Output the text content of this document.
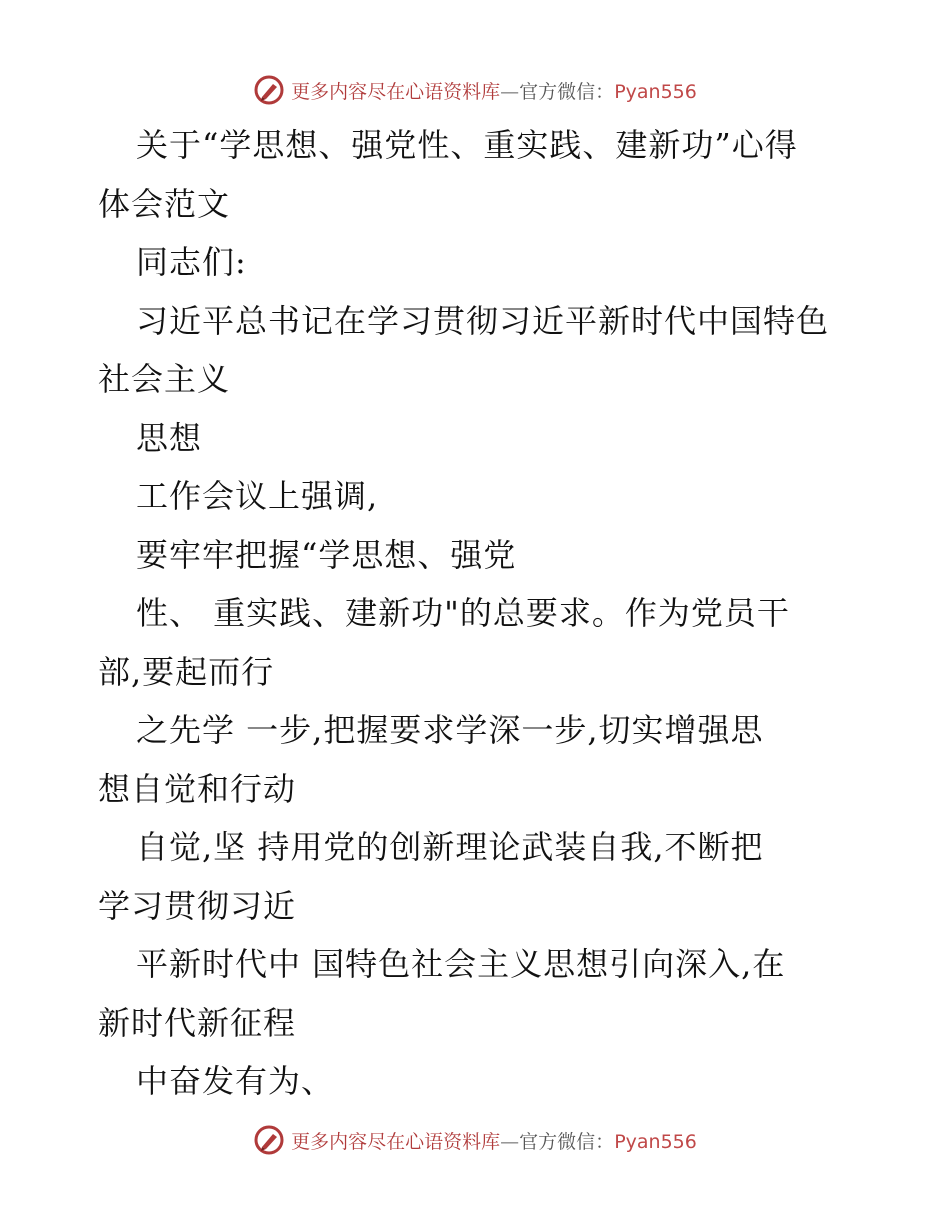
更多内容尽在心语资料库—官方微信：Pyan556
关于“学思想、强党性、重实践、建新功”心得
体会范文
同志们:
习近平总书记在学习贯彻习近平新时代中国特色
社会主义
思想
工作会议上强调,
要牢牢把握“学思想、强党
性、 重实践、建新功"的总要求。作为党员干
部,要起而行
之先学 一步,把握要求学深一步,切实增强思
想自觉和行动
自觉,坚 持用党的创新理论武装自我,不断把
学习贯彻习近
平新时代中 国特色社会主义思想引向深入,在
新时代新征程
中奋发有为、
更多内容尽在心语资料库—官方微信：Pyan556
